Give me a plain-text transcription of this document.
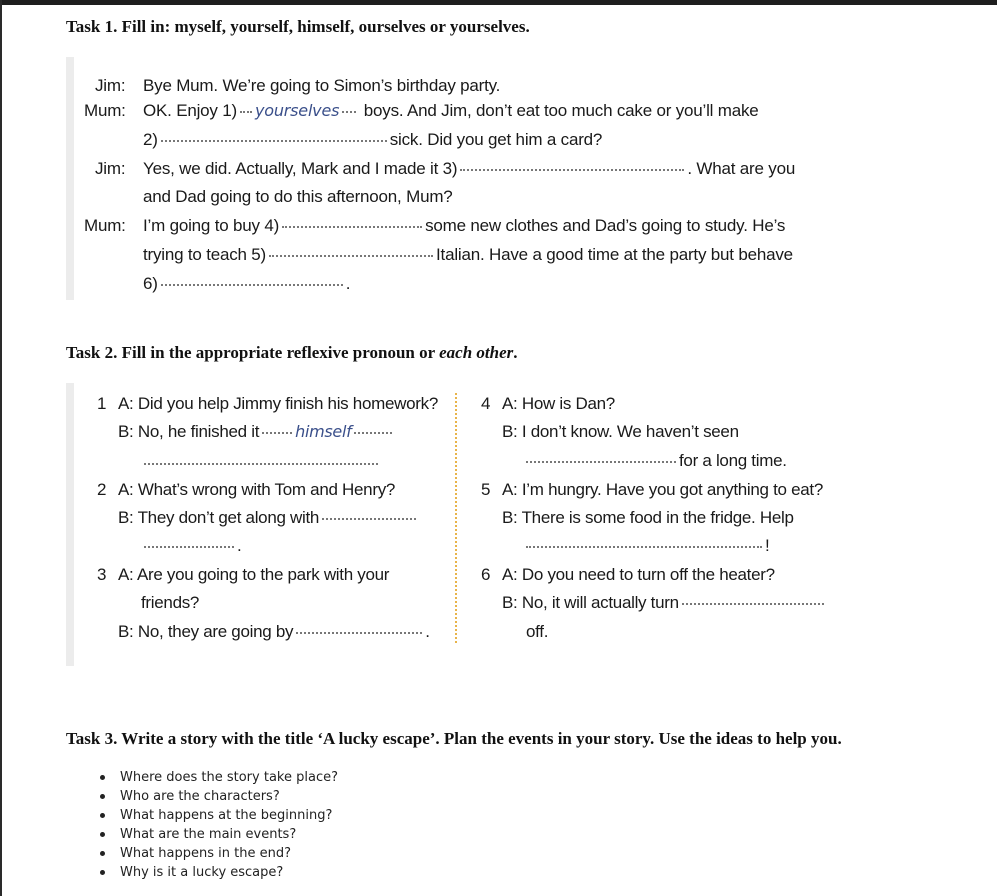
Task 1. Fill in: myself, yourself, himself, ourselves or yourselves.
Jim: Bye Mum. We’re going to Simon’s birthday party.
Mum: OK. Enjoy 1) yourselves boys. And Jim, don’t eat too much cake or you’ll make
2)	sick. Did you get him a card?
Jim: Yes, we did. Actually, Mark and I made it 3)	. What are you
and Dad going to do this afternoon, Mum?
Mum: I’m going to buy 4)	some new clothes and Dad’s going to study. He’s
trying to teach 5)	Italian. Have a good time at the party but behave
6)	.
Task 2. Fill in the appropriate reflexive pronoun or each other.
1 A: Did you help Jimmy finish his homework?
B: No, he finished it himself
2 A: What’s wrong with Tom and Henry?
B: They don’t get along with
.
3 A: Are you going to the park with your
friends?
B: No, they are going by	.
4 A: How is Dan?
B: I don’t know. We haven’t seen
for a long time.
5 A: I’m hungry. Have you got anything to eat?
B: There is some food in the fridge. Help
!
6 A: Do you need to turn off the heater?
B: No, it will actually turn
off.
Task 3. Write a story with the title ‘A lucky escape’. Plan the events in your story. Use the ideas to help you.
Where does the story take place?
Who are the characters?
What happens at the beginning?
What are the main events?
What happens in the end?
Why is it a lucky escape?
